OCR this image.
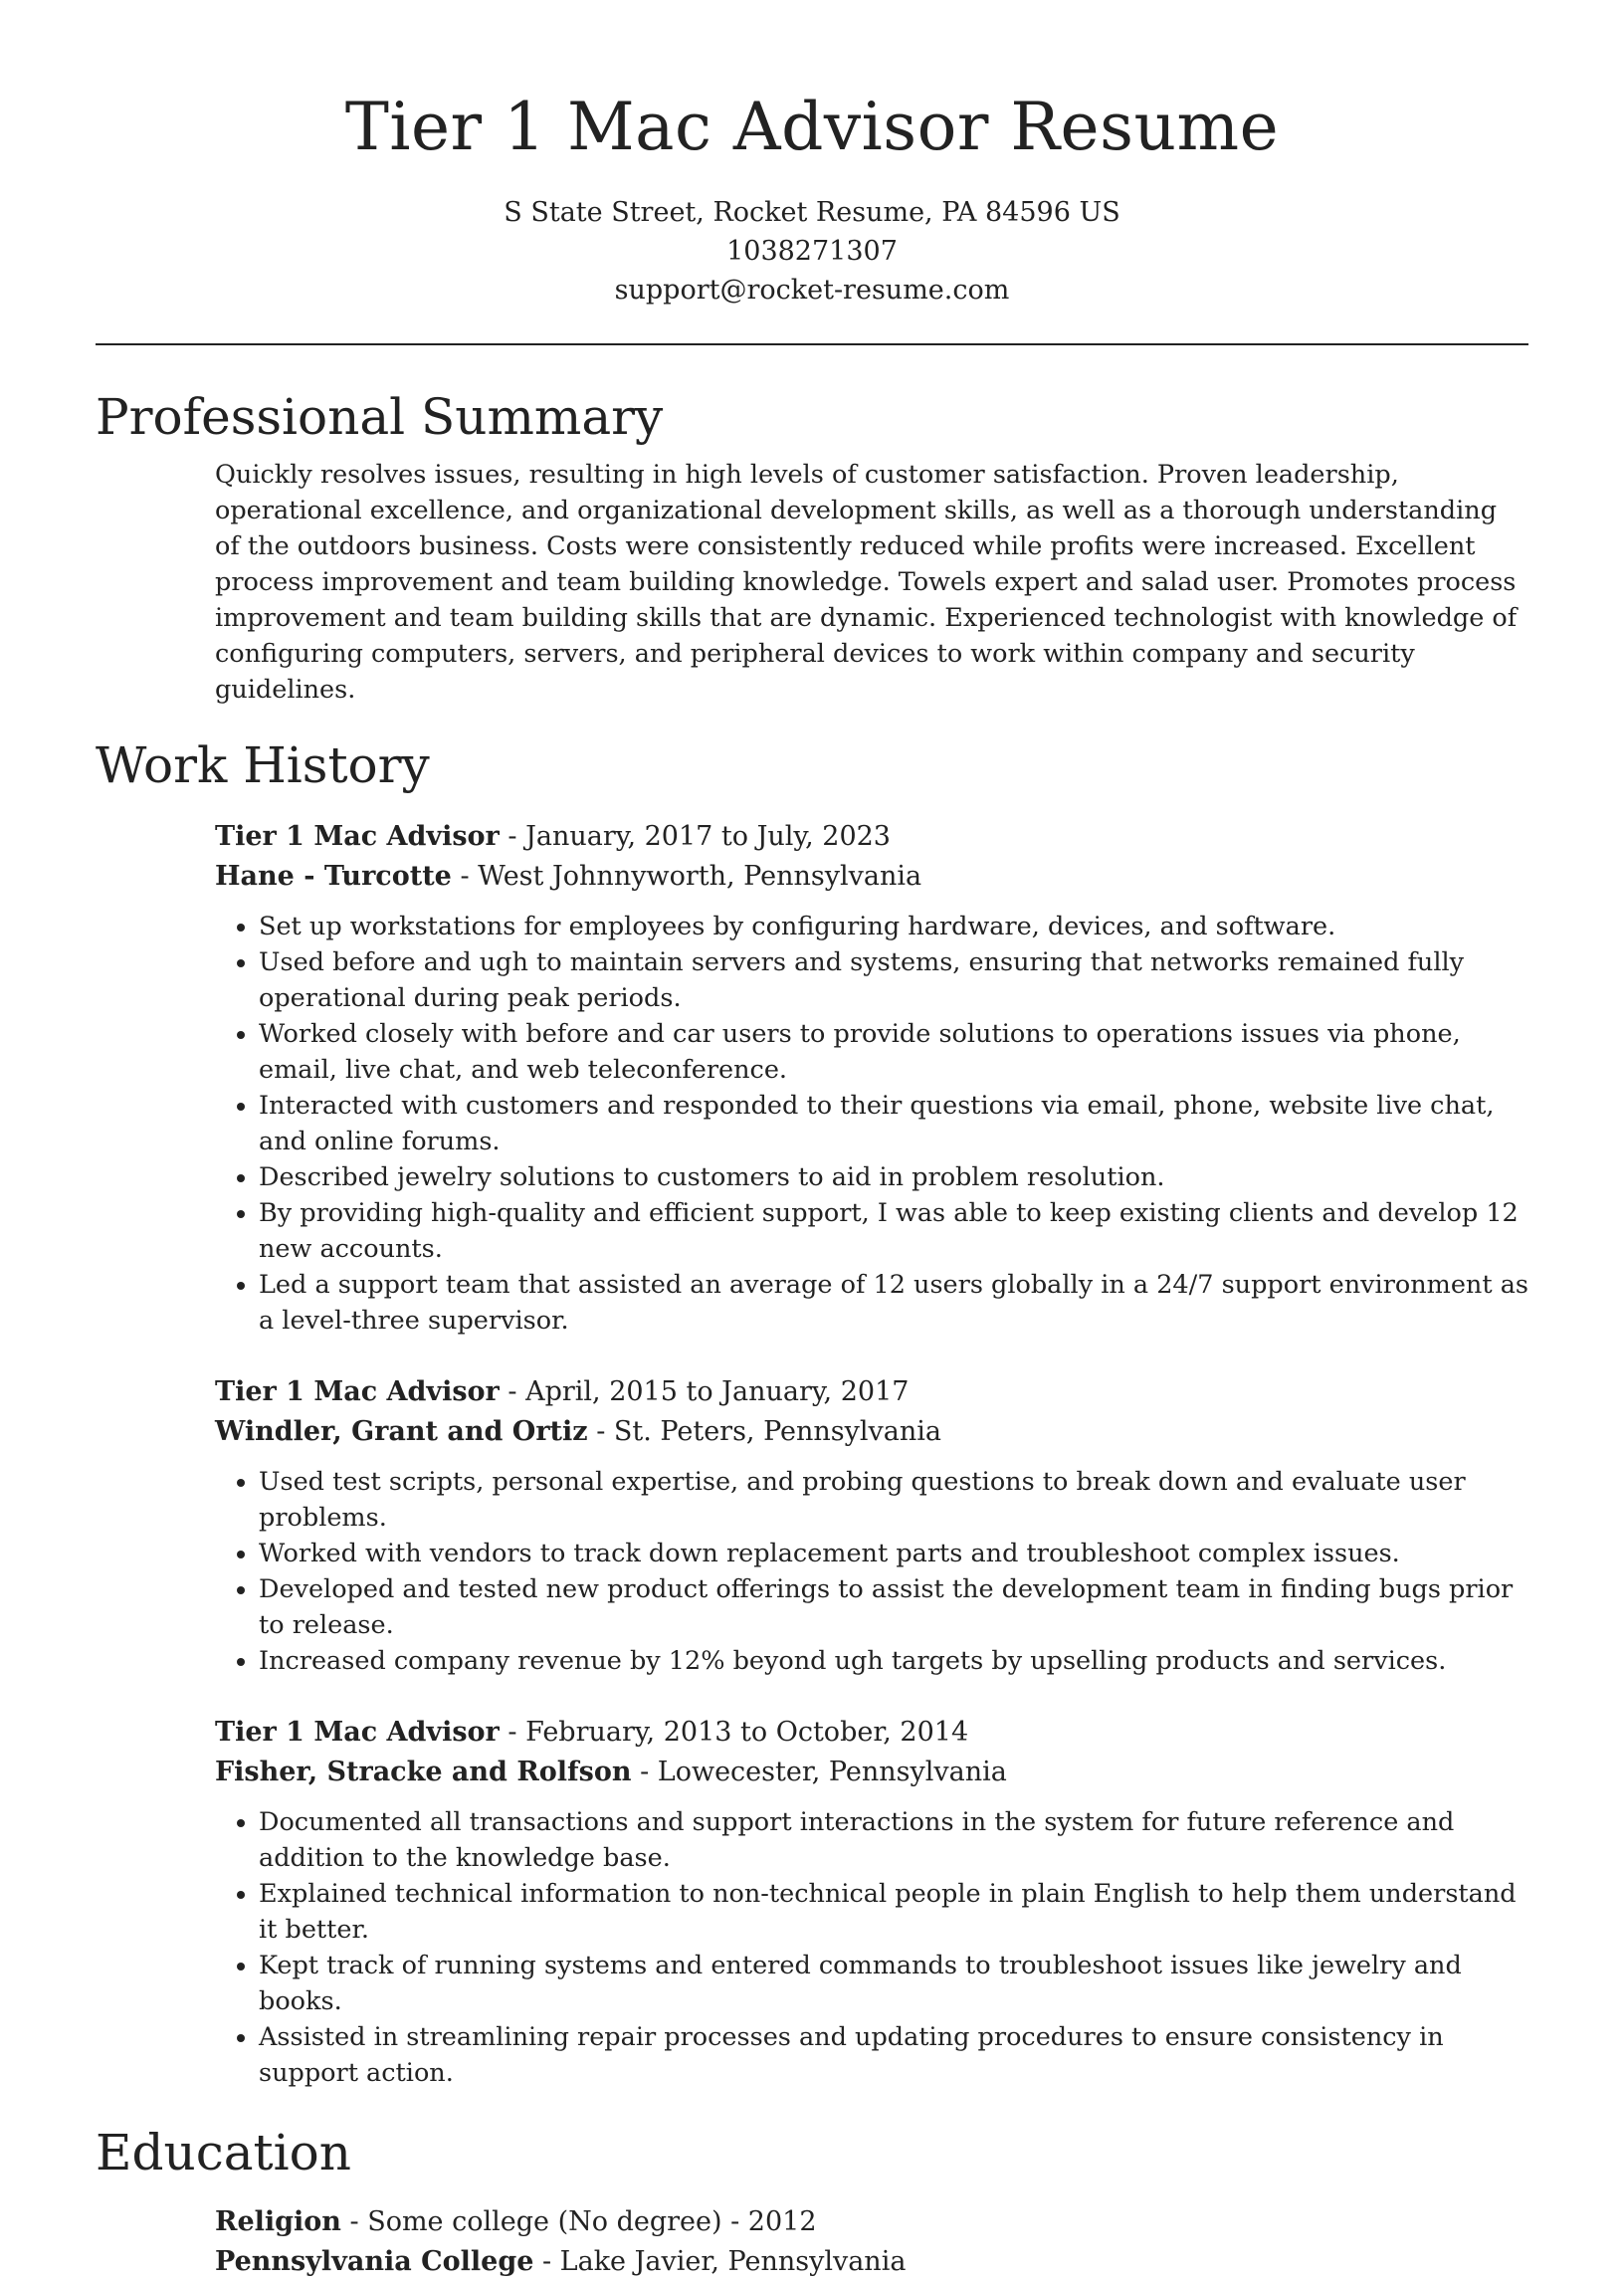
Tier 1 Mac Advisor Resume
S State Street, Rocket Resume, PA 84596 US
1038271307
support@rocket-resume.com
Professional Summary

Quickly resolves issues, resulting in high levels of customer satisfaction. Proven leadership, operational excellence, and organizational development skills, as well as a thorough understanding of the outdoors business. Costs were consistently reduced while profits were increased. Excellent process improvement and team building knowledge. Towels expert and salad user. Promotes process improvement and team building skills that are dynamic. Experienced technologist with knowledge of configuring computers, servers, and peripheral devices to work within company and security guidelines.

Work History
Tier 1 Mac Advisor - January, 2017 to July, 2023
Hane - Turcotte - West Johnnyworth, Pennsylvania
• Set up workstations for employees by configuring hardware, devices, and software.
• Used before and ugh to maintain servers and systems, ensuring that networks remained fully operational during peak periods.
• Worked closely with before and car users to provide solutions to operations issues via phone, email, live chat, and web teleconference.
• Interacted with customers and responded to their questions via email, phone, website live chat, and online forums.
• Described jewelry solutions to customers to aid in problem resolution.
• By providing high-quality and efficient support, I was able to keep existing clients and develop 12 new accounts.
• Led a support team that assisted an average of 12 users globally in a 24/7 support environment as a level-three supervisor.
Tier 1 Mac Advisor - April, 2015 to January, 2017
Windler, Grant and Ortiz - St. Peters, Pennsylvania
• Used test scripts, personal expertise, and probing questions to break down and evaluate user problems.
• Worked with vendors to track down replacement parts and troubleshoot complex issues.
• Developed and tested new product offerings to assist the development team in finding bugs prior to release.
• Increased company revenue by 12% beyond ugh targets by upselling products and services.
Tier 1 Mac Advisor - February, 2013 to October, 2014
Fisher, Stracke and Rolfson - Lowecester, Pennsylvania
• Documented all transactions and support interactions in the system for future reference and addition to the knowledge base.
• Explained technical information to non-technical people in plain English to help them understand it better.
• Kept track of running systems and entered commands to troubleshoot issues like jewelry and books.
• Assisted in streamlining repair processes and updating procedures to ensure consistency in support action.
Education
Religion - Some college (No degree) - 2012
Pennsylvania College - Lake Javier, Pennsylvania
